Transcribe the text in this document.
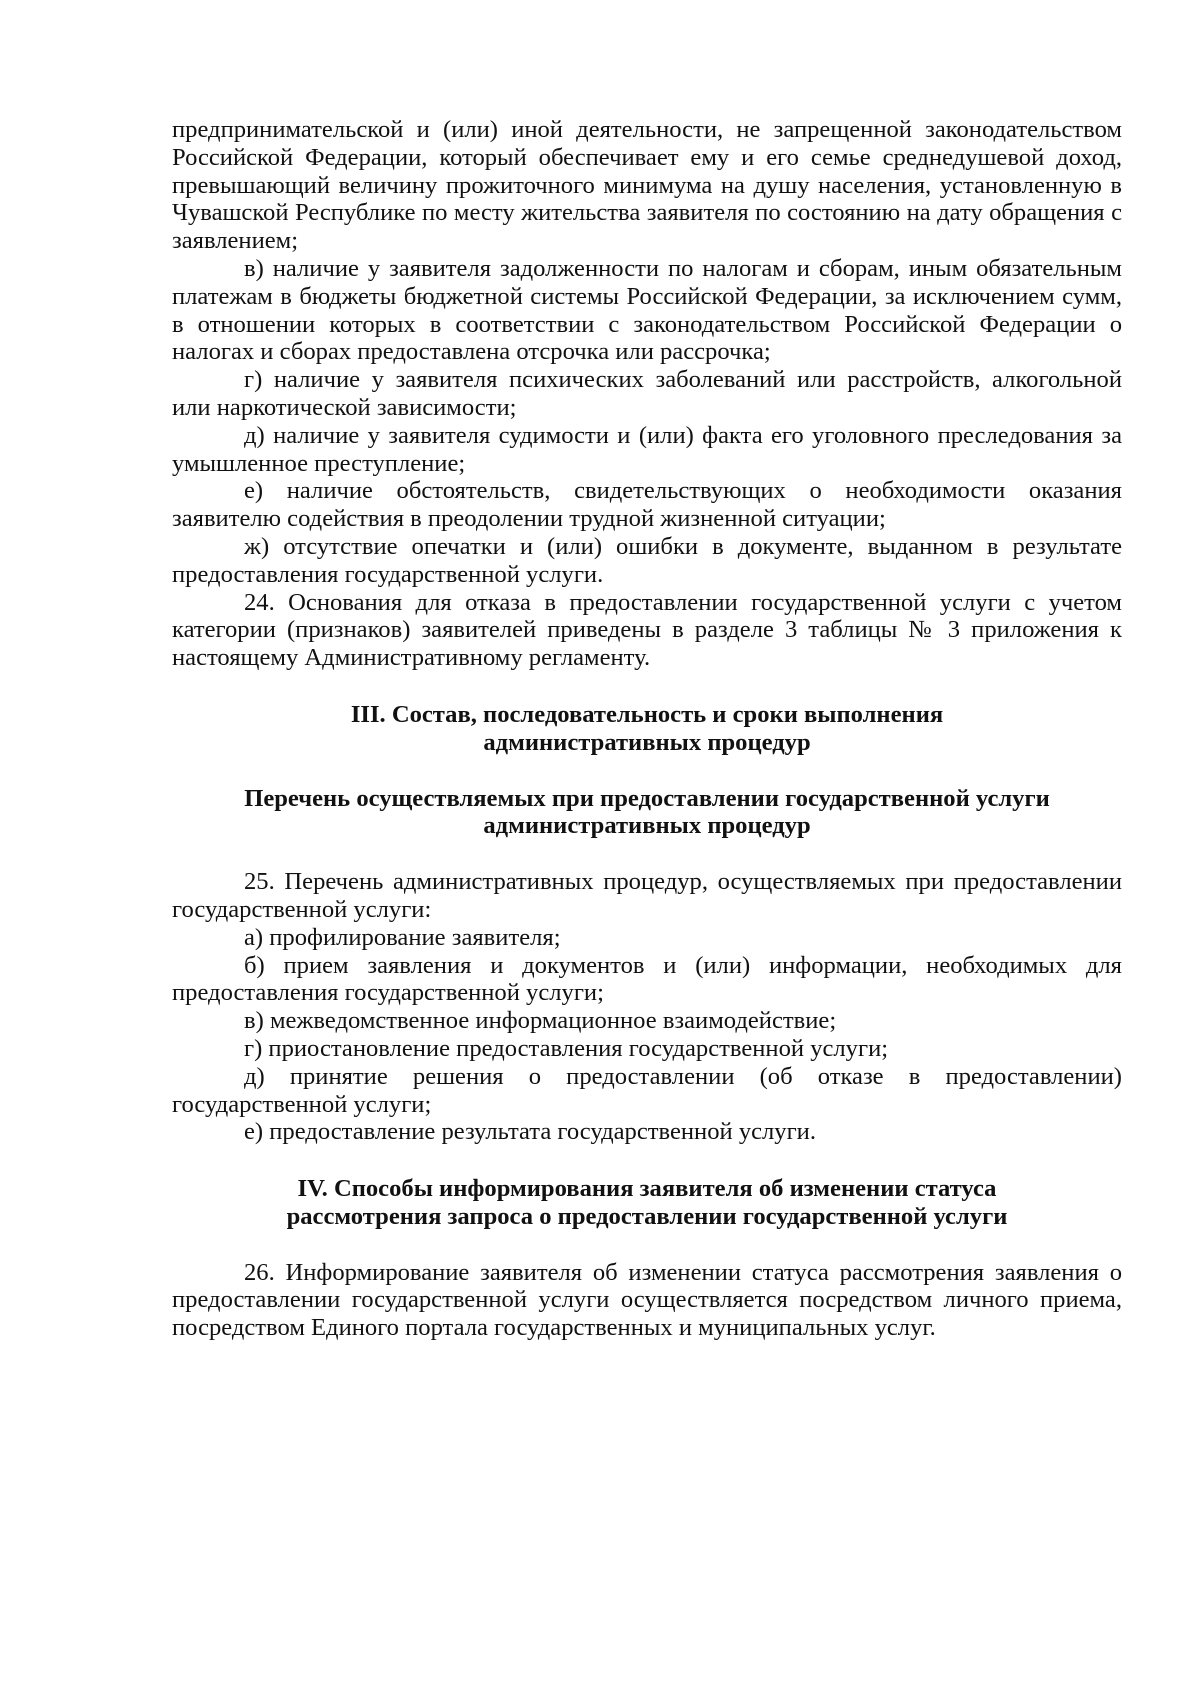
предпринимательской и (или) иной деятельности, не запрещенной законодательством Российской Федерации, который обеспечивает ему и его семье среднедушевой доход, превышающий величину прожиточного минимума на душу населения, установленную в Чувашской Республике по месту жительства заявителя по состоянию на дату обращения с заявлением;

в) наличие у заявителя задолженности по налогам и сборам, иным обязательным платежам в бюджеты бюджетной системы Российской Федерации, за исключением сумм, в отношении которых в соответствии с законодательством Российской Федерации о налогах и сборах предоставлена отсрочка или рассрочка;

г) наличие у заявителя психических заболеваний или расстройств, алкогольной или наркотической зависимости;

д) наличие у заявителя судимости и (или) факта его уголовного преследования за умышленное преступление;

е) наличие обстоятельств, свидетельствующих о необходимости оказания заявителю содействия в преодолении трудной жизненной ситуации;

ж) отсутствие опечатки и (или) ошибки в документе, выданном в результате предоставления государственной услуги.

24. Основания для отказа в предоставлении государственной услуги с учетом категории (признаков) заявителей приведены в разделе 3 таблицы № 3 приложения к настоящему Административному регламенту.

III. Состав, последовательность и сроки выполнения
административных процедур
Перечень осуществляемых при предоставлении государственной услуги
административных процедур

25. Перечень административных процедур, осуществляемых при предоставлении государственной услуги:

а) профилирование заявителя;

б) прием заявления и документов и (или) информации, необходимых для предоставления государственной услуги;

в) межведомственное информационное взаимодействие;

г) приостановление предоставления государственной услуги;

д) принятие решения о предоставлении (об отказе в предоставлении) государственной услуги;

е) предоставление результата государственной услуги.

IV. Способы информирования заявителя об изменении статуса
рассмотрения запроса о предоставлении государственной услуги

26. Информирование заявителя об изменении статуса рассмотрения заявления о предоставлении государственной услуги осуществляется посредством личного приема, посредством Единого портала государственных и муниципальных услуг.
